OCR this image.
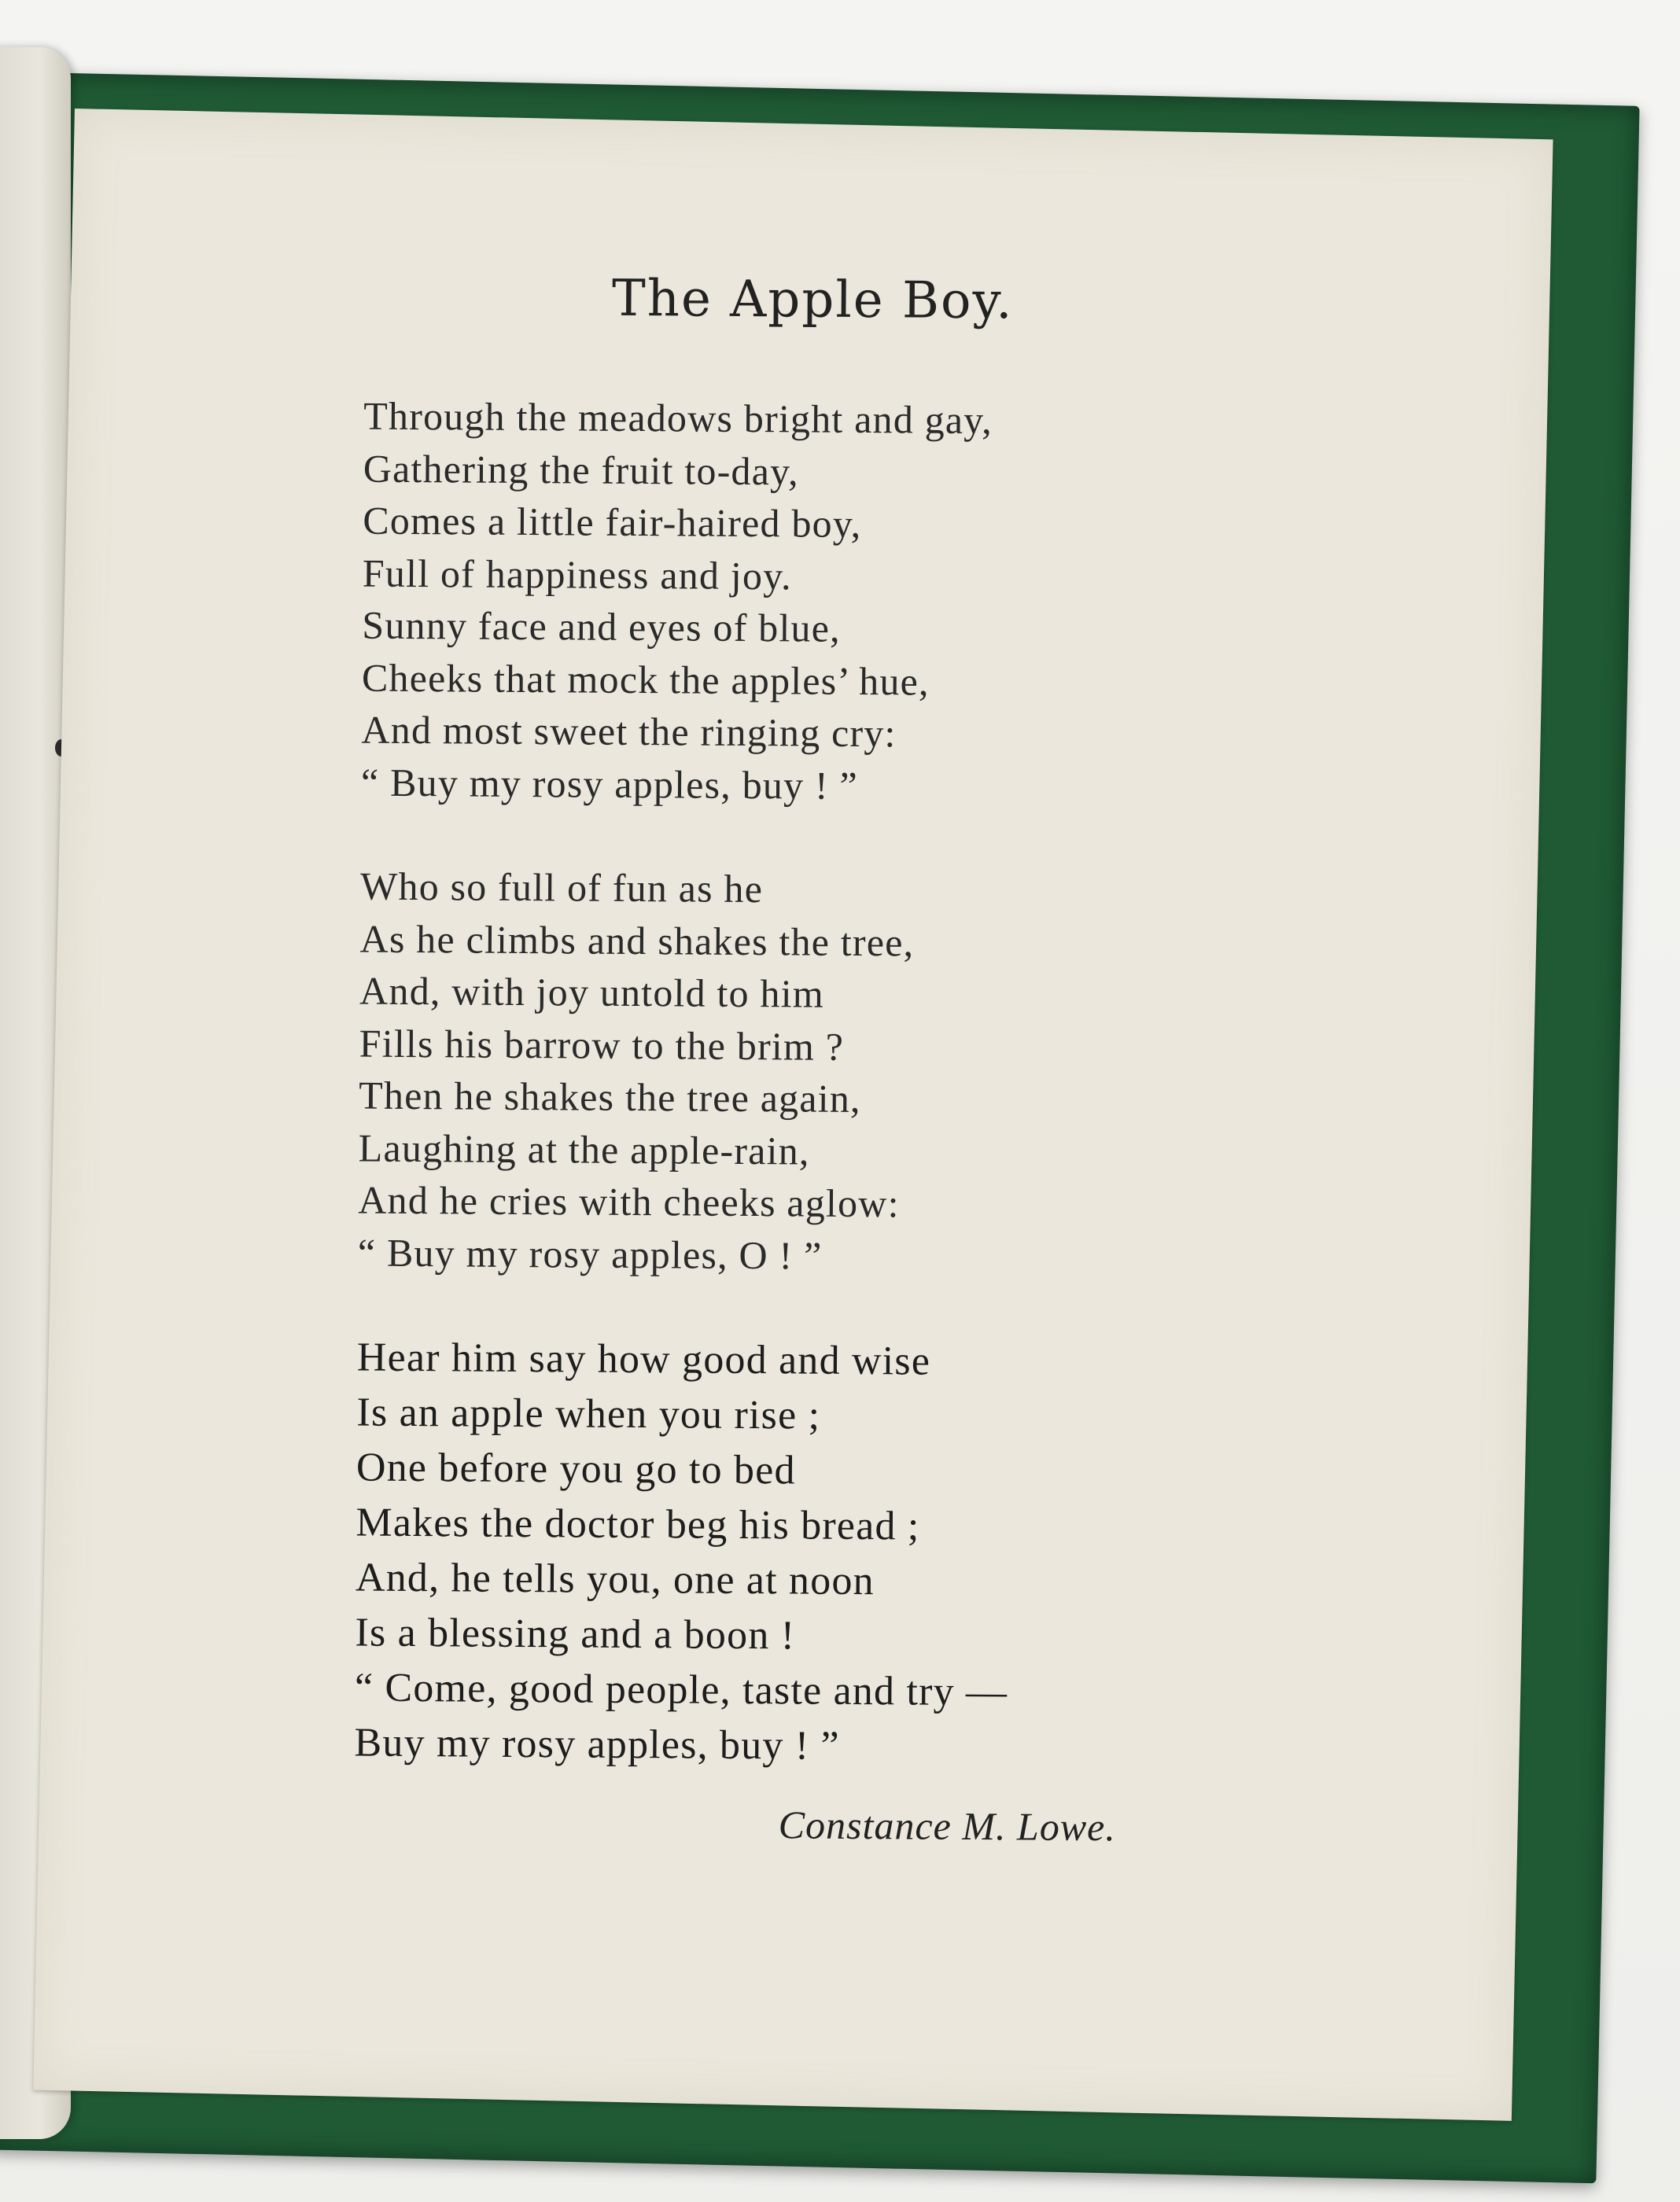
The Apple Boy.
Through the meadows bright and gay,
Gathering the fruit to-day,
Comes a little fair-haired boy,
Full of happiness and joy.
Sunny face and eyes of blue,
Cheeks that mock the apples’ hue,
And most sweet the ringing cry:
“ Buy my rosy apples, buy ! ”
Who so full of fun as he
As he climbs and shakes the tree,
And, with joy untold to him
Fills his barrow to the brim ?
Then he shakes the tree again,
Laughing at the apple-rain,
And he cries with cheeks aglow:
“ Buy my rosy apples, O ! ”
Hear him say how good and wise
Is an apple when you rise ;
One before you go to bed
Makes the doctor beg his bread ;
And, he tells you, one at noon
Is a blessing and a boon !
“ Come, good people, taste and try —
Buy my rosy apples, buy ! ”
Constance M. Lowe.
